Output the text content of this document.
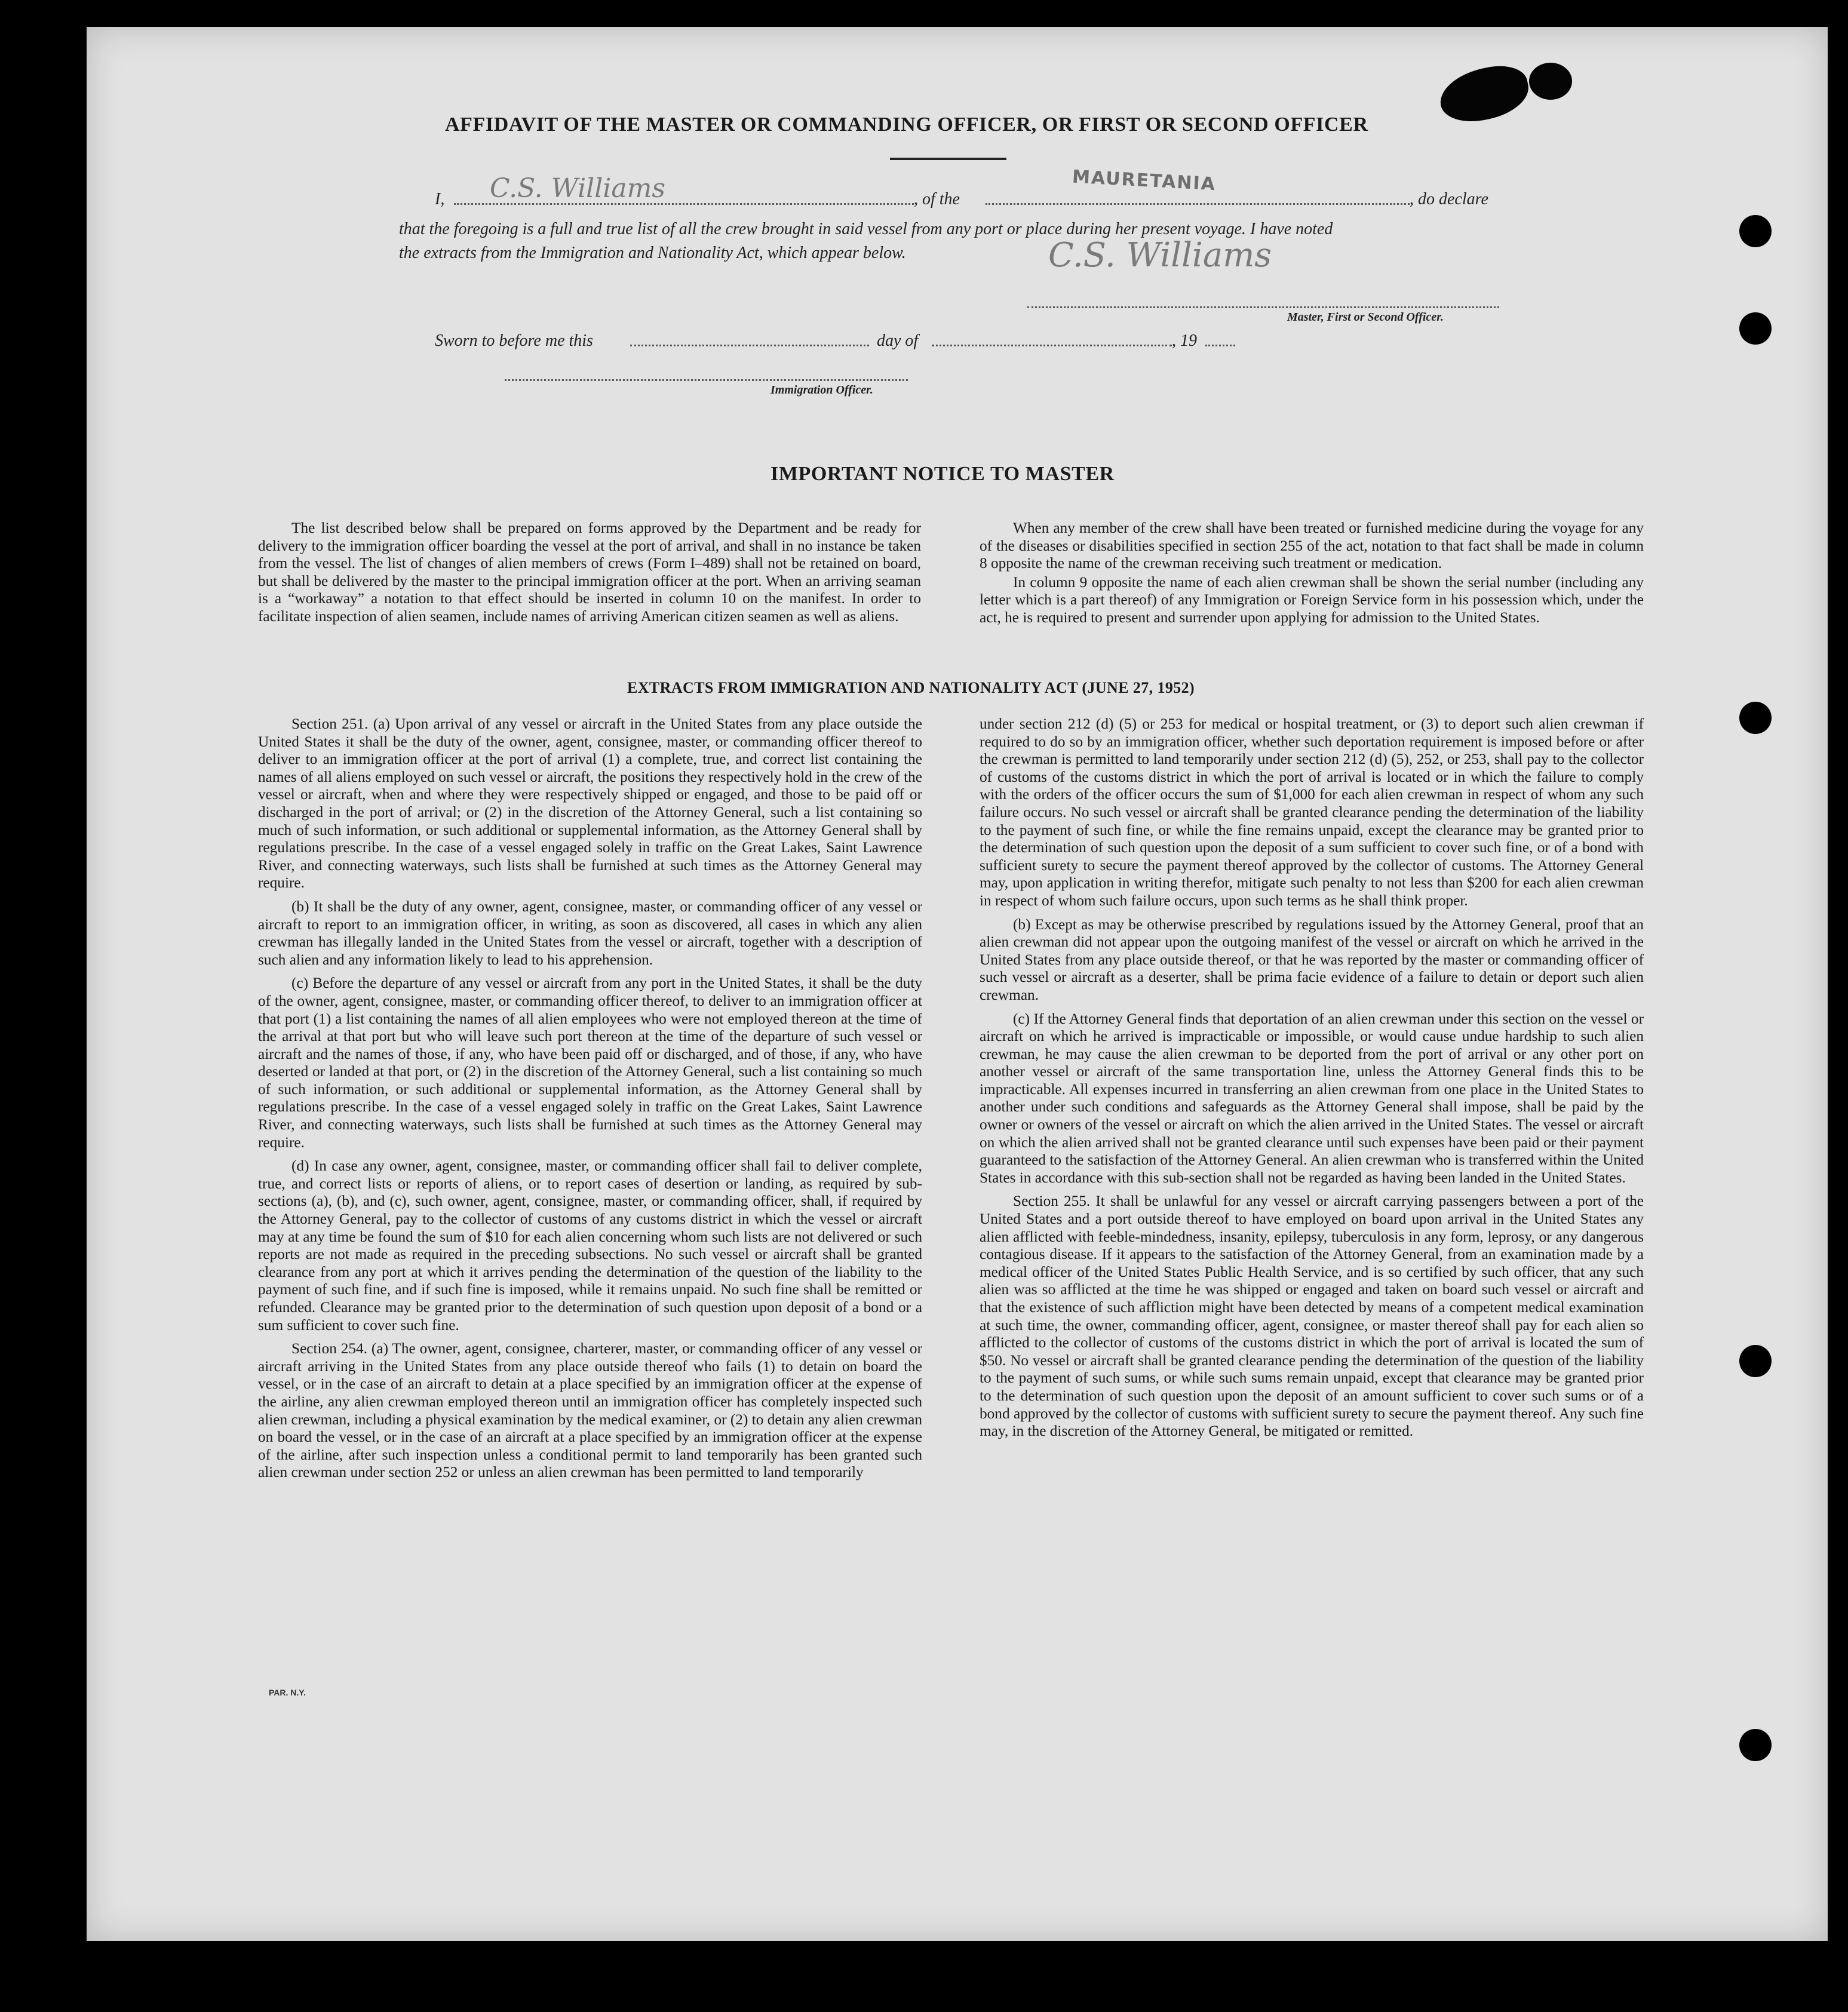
AFFIDAVIT OF THE MASTER OR COMMANDING OFFICER, OR FIRST OR SECOND OFFICER
I, C.S. Williams	, of the
MAURETANIA
, do declare
that the foregoing is a full and true list of all the crew brought in said vessel from any port or place during her present voyage. I have noted
the extracts from the Immigration and Nationality Act, which appear below.	C.S. Williams
Master, First or Second Officer.
Sworn to before me this	day of	, 19
Immigration Officer.
IMPORTANT NOTICE TO MASTER

The list described below shall be prepared on forms approved by the Department and be ready for delivery to the immigration officer boarding the vessel at the port of arrival, and shall in no instance be taken from the vessel. The list of changes of alien members of crews (Form I–489) shall not be retained on board, but shall be delivered by the master to the principal immigration officer at the port. When an arriving seaman is a “workaway” a notation to that effect should be inserted in column 10 on the manifest. In order to facilitate inspection of alien seamen, include names of arriving American citizen seamen as well as aliens.

When any member of the crew shall have been treated or furnished medicine during the voyage for any of the diseases or disabilities specified in section 255 of the act, notation to that fact shall be made in column 8 opposite the name of the crewman receiving such treatment or medication.

In column 9 opposite the name of each alien crewman shall be shown the serial number (including any letter which is a part thereof) of any Immigration or Foreign Service form in his possession which, under the act, he is required to present and surrender upon applying for admission to the United States.

EXTRACTS FROM IMMIGRATION AND NATIONALITY ACT (JUNE 27, 1952)

Section 251. (a) Upon arrival of any vessel or aircraft in the United States from any place outside the United States it shall be the duty of the owner, agent, consignee, master, or commanding officer thereof to deliver to an immigration officer at the port of arrival (1) a complete, true, and correct list containing the names of all aliens employed on such vessel or aircraft, the positions they respectively hold in the crew of the vessel or aircraft, when and where they were respectively shipped or engaged, and those to be paid off or discharged in the port of arrival; or (2) in the discretion of the Attorney General, such a list containing so much of such information, or such additional or supplemental information, as the Attorney General shall by regulations prescribe. In the case of a vessel engaged solely in traffic on the Great Lakes, Saint Lawrence River, and connecting waterways, such lists shall be furnished at such times as the Attorney General may require.

(b) It shall be the duty of any owner, agent, consignee, master, or commanding officer of any vessel or aircraft to report to an immigration officer, in writing, as soon as discovered, all cases in which any alien crewman has illegally landed in the United States from the vessel or aircraft, together with a description of such alien and any information likely to lead to his apprehension.

(c) Before the departure of any vessel or aircraft from any port in the United States, it shall be the duty of the owner, agent, consignee, master, or commanding officer thereof, to deliver to an immigration officer at that port (1) a list containing the names of all alien employees who were not employed thereon at the time of the arrival at that port but who will leave such port thereon at the time of the departure of such vessel or aircraft and the names of those, if any, who have been paid off or discharged, and of those, if any, who have deserted or landed at that port, or (2) in the discretion of the Attorney General, such a list containing so much of such information, or such additional or supplemental information, as the Attorney General shall by regulations prescribe. In the case of a vessel engaged solely in traffic on the Great Lakes, Saint Lawrence River, and connecting waterways, such lists shall be furnished at such times as the Attorney General may require.

(d) In case any owner, agent, consignee, master, or commanding officer shall fail to deliver complete, true, and correct lists or reports of aliens, or to report cases of desertion or landing, as required by sub-sections (a), (b), and (c), such owner, agent, consignee, master, or commanding officer, shall, if required by the Attorney General, pay to the collector of customs of any customs district in which the vessel or aircraft may at any time be found the sum of $10 for each alien concerning whom such lists are not delivered or such reports are not made as required in the preceding subsections. No such vessel or aircraft shall be granted clearance from any port at which it arrives pending the determination of the question of the liability to the payment of such fine, and if such fine is imposed, while it remains unpaid. No such fine shall be remitted or refunded. Clearance may be granted prior to the determination of such question upon deposit of a bond or a sum sufficient to cover such fine.

Section 254. (a) The owner, agent, consignee, charterer, master, or commanding officer of any vessel or aircraft arriving in the United States from any place outside thereof who fails (1) to detain on board the vessel, or in the case of an aircraft to detain at a place specified by an immigration officer at the expense of the airline, any alien crewman employed thereon until an immigration officer has completely inspected such alien crewman, including a physical examination by the medical examiner, or (2) to detain any alien crewman on board the vessel, or in the case of an aircraft at a place specified by an immigration officer at the expense of the airline, after such inspection unless a conditional permit to land temporarily has been granted such alien crewman under section 252 or unless an alien crewman has been permitted to land temporarily

under section 212 (d) (5) or 253 for medical or hospital treatment, or (3) to deport such alien crewman if required to do so by an immigration officer, whether such deportation requirement is imposed before or after the crewman is permitted to land temporarily under section 212 (d) (5), 252, or 253, shall pay to the collector of customs of the customs district in which the port of arrival is located or in which the failure to comply with the orders of the officer occurs the sum of $1,000 for each alien crewman in respect of whom any such failure occurs. No such vessel or aircraft shall be granted clearance pending the determination of the liability to the payment of such fine, or while the fine remains unpaid, except the clearance may be granted prior to the determination of such question upon the deposit of a sum sufficient to cover such fine, or of a bond with sufficient surety to secure the payment thereof approved by the collector of customs. The Attorney General may, upon application in writing therefor, mitigate such penalty to not less than $200 for each alien crewman in respect of whom such failure occurs, upon such terms as he shall think proper.

(b) Except as may be otherwise prescribed by regulations issued by the Attorney General, proof that an alien crewman did not appear upon the outgoing manifest of the vessel or aircraft on which he arrived in the United States from any place outside thereof, or that he was reported by the master or commanding officer of such vessel or aircraft as a deserter, shall be prima facie evidence of a failure to detain or deport such alien crewman.

(c) If the Attorney General finds that deportation of an alien crewman under this section on the vessel or aircraft on which he arrived is impracticable or impossible, or would cause undue hardship to such alien crewman, he may cause the alien crewman to be deported from the port of arrival or any other port on another vessel or aircraft of the same transportation line, unless the Attorney General finds this to be impracticable. All expenses incurred in transferring an alien crewman from one place in the United States to another under such conditions and safeguards as the Attorney General shall impose, shall be paid by the owner or owners of the vessel or aircraft on which the alien arrived in the United States. The vessel or aircraft on which the alien arrived shall not be granted clearance until such expenses have been paid or their payment guaranteed to the satisfaction of the Attorney General. An alien crewman who is transferred within the United States in accordance with this sub-section shall not be regarded as having been landed in the United States.

Section 255. It shall be unlawful for any vessel or aircraft carrying passengers between a port of the United States and a port outside thereof to have employed on board upon arrival in the United States any alien afflicted with feeble-mindedness, insanity, epilepsy, tuberculosis in any form, leprosy, or any dangerous contagious disease. If it appears to the satisfaction of the Attorney General, from an examination made by a medical officer of the United States Public Health Service, and is so certified by such officer, that any such alien was so afflicted at the time he was shipped or engaged and taken on board such vessel or aircraft and that the existence of such affliction might have been detected by means of a competent medical examination at such time, the owner, commanding officer, agent, consignee, or master thereof shall pay for each alien so afflicted to the collector of customs of the customs district in which the port of arrival is located the sum of $50. No vessel or aircraft shall be granted clearance pending the determination of the question of the liability to the payment of such sums, or while such sums remain unpaid, except that clearance may be granted prior to the determination of such question upon the deposit of an amount sufficient to cover such sums or of a bond approved by the collector of customs with sufficient surety to secure the payment thereof. Any such fine may, in the discretion of the Attorney General, be mitigated or remitted.

PAR. N.Y.
